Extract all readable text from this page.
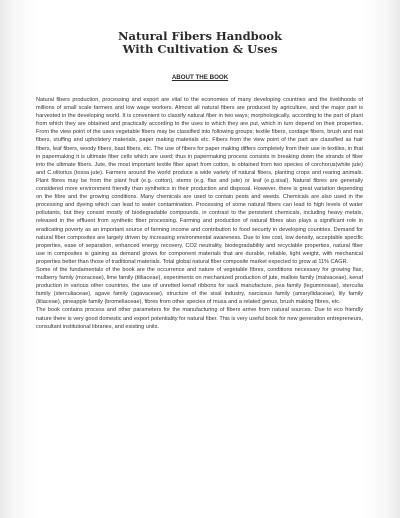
Natural Fibers Handbook
With Cultivation & Uses
ABOUT THE BOOK

Natural fibers production, processing and export are vital to the economies of many developing countries and the livelihoods of millions of small scale farmers and low wage workers. Almost all natural fibers are produced by agriculture, and the major part is harvested in the developing world. It is convenient to classify natural fiber in two ways; morphologically, according to the part of plant from which they are obtained and practically according to the uses to which they are put, which in turn depend on their properties. From the view point of the uses vegetable fibers may be classified into following groups; textile fibers, cordage fibers, brush and mat fibers, stuffing and upholstery materials, paper making materials etc. Fibers from the view point of the part are classified as hair fibers, leaf fibers, woody fibers, bast fibers, etc. The use of fibers for paper making differs completely from their use in textiles, in that in papermaking it is ultimate fiber cells which are used; thus in papermaking process consists in breaking down the strands of fiber into the ultimate fibers. Jute, the most important textile fiber apart from cotton, is obtained from two species of corchorus(white jute) and C.olitorius (tossa jute). Farmers around the world produce a wide variety of natural fibers, planting crops and rearing animals. Plant fibres may be from the plant fruit (e.g. cotton), stems (e.g. flax and jute) or leaf (e.g.sisal). Natural fibres are generally considered more environment friendly than synthetics in their production and disposal. However, there is great variation depending on the fibre and the growing conditions. Many chemicals are used to contain pests and weeds. Chemicals are also used in the processing and dyeing which can lead to water contamination. Processing of some natural fibers can lead to high levels of water pollutants, but they consist mostly of biodegradable compounds, in contrast to the persistent chemicals, including heavy metals, released in the effluent from synthetic fiber processing. Farming and production of natural fibres also plays a significant role in eradicating poverty as an important source of farming income and contribution to food security in developing countries. Demand for natural fiber composites are largely driven by increasing environmental awareness. Due to low cost, low density, acceptable specific properties, ease of separation, enhanced energy recovery, CO2 neutrality, biodegradability and recyclable properties, natural fiber use in composites is gaining as demand grows for component materials that are durable, reliable, light weight, with mechanical properties better than those of traditional materials. Total global natural fiber composite market expected to grow at 11% CAGR.

Some of the fundamentals of the book are the occurrence and nature of vegetable fibres, conditions necessary for growing flax, mulberry family (moraceae), lime family (titliaceae), experiments on mechanized production of jute, mallow family (malvaceae), kenaf production in various other countries, the use of unretted kenaf ribbons for sack manufacture, pea family (leguminosae), sterculia family (sterculiaceae), agave family (agavaceae), structure of the sisal industry, narcissus family (amaryllidaceae), lily family (liliaceae), pineapple family (bromeliaceae), fibres from other species of musa and a related genus, brush making fibres, etc.

The book contains process and other parameters for the manufacturing of fibers arrive from natural sources. Due to eco friendly nature there is very good domestic and export potentiality for natural fiber. This is very useful book for new generation entrepreneurs, consultant institutional libraries, and existing units.
